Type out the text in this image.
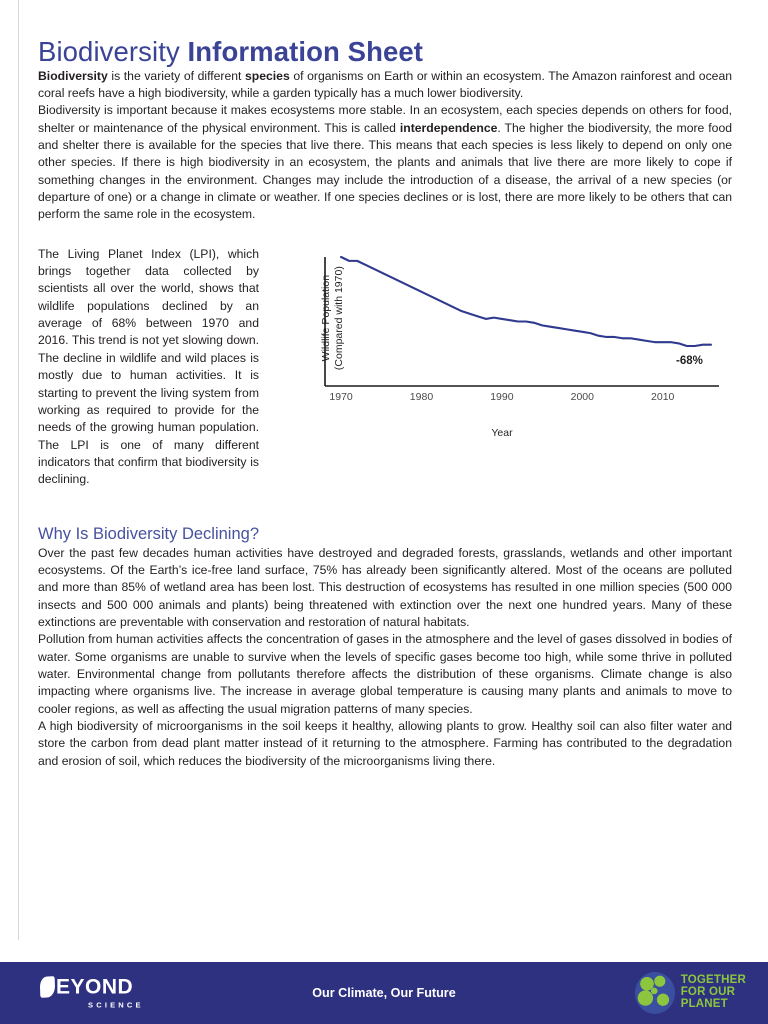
Biodiversity Information Sheet

Biodiversity is the variety of different species of organisms on Earth or within an ecosystem. The Amazon rainforest and ocean coral reefs have a high biodiversity, while a garden typically has a much lower biodiversity.

Biodiversity is important because it makes ecosystems more stable. In an ecosystem, each species depends on others for food, shelter or maintenance of the physical environment. This is called interdependence. The higher the biodiversity, the more food and shelter there is available for the species that live there. This means that each species is less likely to depend on only one other species. If there is high biodiversity in an ecosystem, the plants and animals that live there are more likely to cope if something changes in the environment. Changes may include the introduction of a disease, the arrival of a new species (or departure of one) or a change in climate or weather. If one species declines or is lost, there are more likely to be others that can perform the same role in the ecosystem.

The Living Planet Index (LPI), which brings together data collected by scientists all over the world, shows that wildlife populations declined by an average of 68% between 1970 and 2016. This trend is not yet slowing down. The decline in wildlife and wild places is mostly due to human activities. It is starting to prevent the living system from working as required to provide for the needs of the growing human population. The LPI is one of many different indicators that confirm that biodiversity is declining.
Wildlife Population (Compared with 1970)
1970	1980	1990	2000	2010
-68%
Year
Why Is Biodiversity Declining?

Over the past few decades human activities have destroyed and degraded forests, grasslands, wetlands and other important ecosystems. Of the Earth’s ice-free land surface, 75% has already been significantly altered. Most of the oceans are polluted and more than 85% of wetland area has been lost. This destruction of ecosystems has resulted in one million species (500 000 insects and 500 000 animals and plants) being threatened with extinction over the next one hundred years. Many of these extinctions are preventable with conservation and restoration of natural habitats.

Pollution from human activities affects the concentration of gases in the atmosphere and the level of gases dissolved in bodies of water. Some organisms are unable to survive when the levels of specific gases become too high, while some thrive in polluted water. Environmental change from pollutants therefore affects the distribution of these organisms. Climate change is also impacting where organisms live. The increase in average global temperature is causing many plants and animals to move to cooler regions, as well as affecting the usual migration patterns of many species.

A high biodiversity of microorganisms in the soil keeps it healthy, allowing plants to grow. Healthy soil can also filter water and store the carbon from dead plant matter instead of it returning to the atmosphere. Farming has contributed to the degradation and erosion of soil, which reduces the biodiversity of the microorganisms living there.

EYOND
SCIENCE
Our Climate, Our Future
TOGETHER
FOR OUR
PLANET
